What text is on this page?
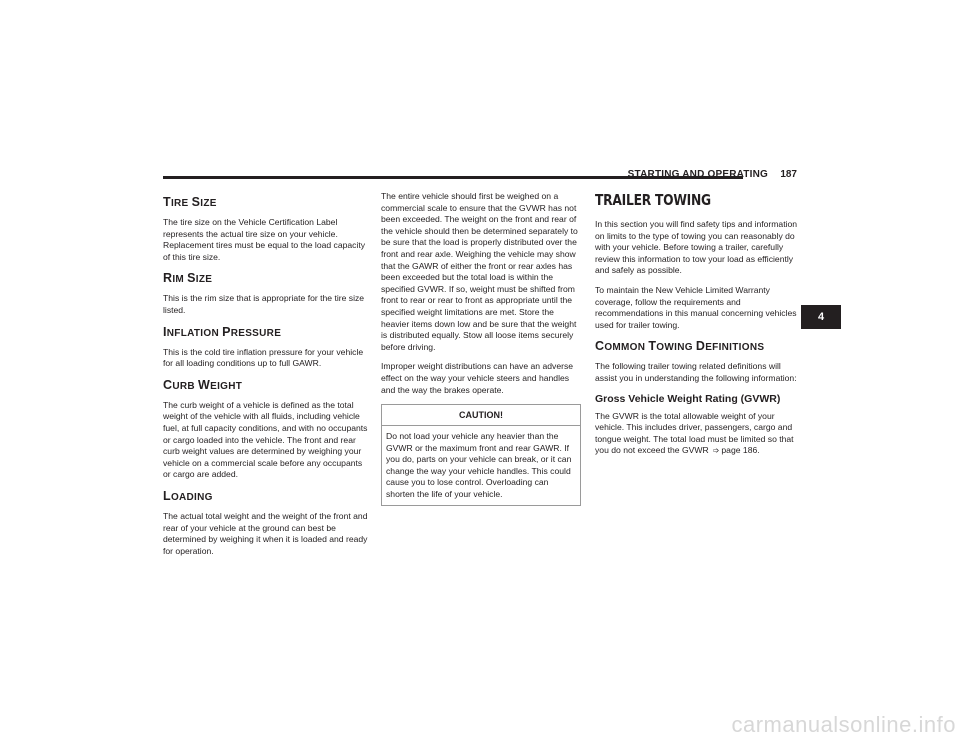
STARTING AND OPERATING 187
TIRE SIZE

The tire size on the Vehicle Certification Label represents the actual tire size on your vehicle. Replacement tires must be equal to the load capacity of this tire size.

RIM SIZE

This is the rim size that is appropriate for the tire size listed.

INFLATION PRESSURE

This is the cold tire inflation pressure for your vehicle for all loading conditions up to full GAWR.

CURB WEIGHT

The curb weight of a vehicle is defined as the total weight of the vehicle with all fluids, including vehicle fuel, at full capacity conditions, and with no occupants or cargo loaded into the vehicle. The front and rear curb weight values are determined by weighing your vehicle on a commercial scale before any occupants or cargo are added.

LOADING

The actual total weight and the weight of the front and rear of your vehicle at the ground can best be determined by weighing it when it is loaded and ready for operation.

The entire vehicle should first be weighed on a commercial scale to ensure that the GVWR has not been exceeded. The weight on the front and rear of the vehicle should then be determined separately to be sure that the load is properly distributed over the front and rear axle. Weighing the vehicle may show that the GAWR of either the front or rear axles has been exceeded but the total load is within the specified GVWR. If so, weight must be shifted from front to rear or rear to front as appropriate until the specified weight limitations are met. Store the heavier items down low and be sure that the weight is distributed equally. Stow all loose items securely before driving.

Improper weight distributions can have an adverse effect on the way your vehicle steers and handles and the way the brakes operate.

CAUTION!

Do not load your vehicle any heavier than the GVWR or the maximum front and rear GAWR. If you do, parts on your vehicle can break, or it can change the way your vehicle handles. This could cause you to lose control. Overloading can shorten the life of your vehicle.

TRAILER TOWING

In this section you will find safety tips and information on limits to the type of towing you can reasonably do with your vehicle. Before towing a trailer, carefully review this information to tow your load as efficiently and safely as possible.

To maintain the New Vehicle Limited Warranty coverage, follow the requirements and recommendations in this manual concerning vehicles used for trailer towing.

COMMON TOWING DEFINITIONS

The following trailer towing related definitions will assist you in understanding the following information:

Gross Vehicle Weight Rating (GVWR)

The GVWR is the total allowable weight of your vehicle. This includes driver, passengers, cargo and tongue weight. The total load must be limited so that you do not exceed the GVWR ➩ page 186.

4
carmanualsonline.info
